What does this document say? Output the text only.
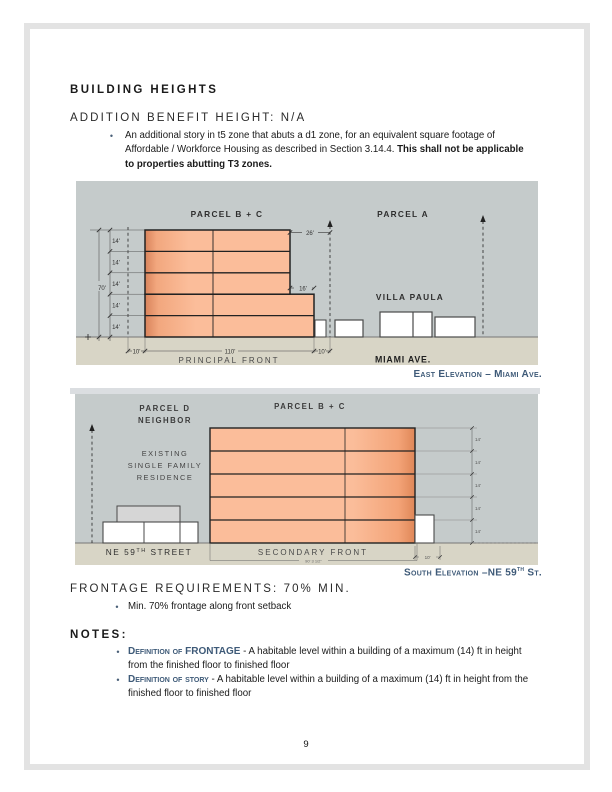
BUILDING HEIGHTS
ADDITION BENEFIT HEIGHT: N/A
•	An additional story in t5 zone that abuts a d1 zone, for an equivalent square footage of Affordable / Workforce Housing as described in Section 3.14.4. This shall not be applicable to properties abutting T3 zones.
70'
14'
14'
14'
14'
14'
26'
16'
10'	110'	10'
PARCEL B + C	PARCEL A
VILLA PAULA
PRINCIPAL FRONT	MIAMI AVE.
East Elevation – Miami Ave.
14'
14'
14'
14'
14'
10'
90' 3 1/2"
PARCEL D
NEIGHBOR
PARCEL B + C
EXISTING
SINGLE FAMILY
RESIDENCE
NE 59TH STREET	SECONDARY FRONT
South Elevation –NE 59th St.
FRONTAGE REQUIREMENTS: 70% MIN.
• Min. 70% frontage along front setback
NOTES:
• Definition of FRONTAGE - A habitable level within a building of a maximum (14) ft in height from the finished floor to finished floor
• Definition of story - A habitable level within a building of a maximum (14) ft in height from the finished floor to finished floor
9
